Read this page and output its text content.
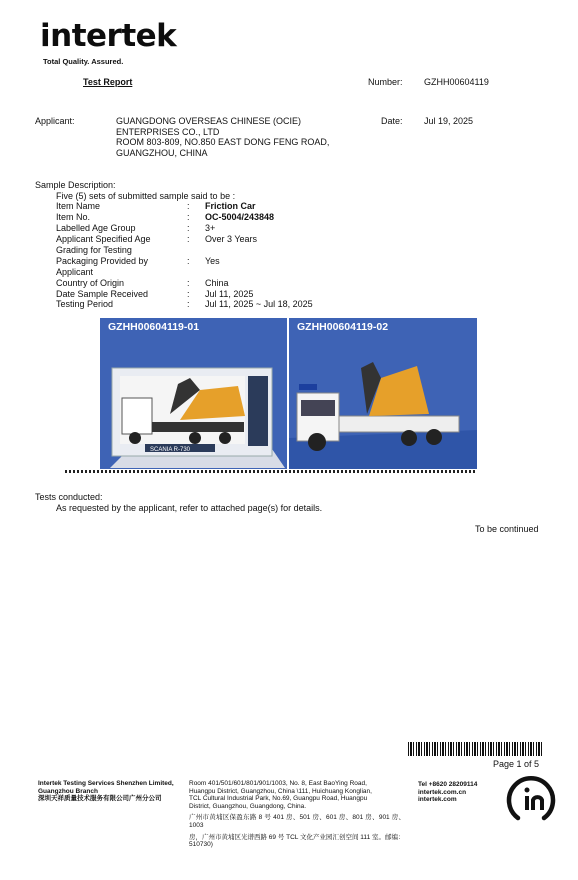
intertek
Total Quality. Assured.
Test Report	Number: GZHH00604119
Applicant:	GUANGDONG OVERSEAS CHINESE (OCIE)
ENTERPRISES CO., LTD
ROOM 803-809, NO.850 EAST DONG FENG ROAD,
GUANGZHOU, CHINA
Date: Jul 19, 2025
Sample Description:
Five (5) sets of submitted sample said to be :
Item Name	: Friction Car
Item No.	: OC-5004/243848
Labelled Age Group	: 3+
Applicant Specified Age	: Over 3 Years
Grading for Testing
Packaging Provided by	: Yes
Applicant
Country of Origin	: China
Date Sample Received	: Jul 11, 2025
Testing Period	: Jul 11, 2025 ~ Jul 18, 2025
GZHH00604119-01
SCANIA R-730
GZHH00604119-02
Tests conducted:
As requested by the applicant, refer to attached page(s) for details.
To be continued
Page 1 of 5
Intertek Testing Services Shenzhen Limited,
Guangzhou Branch
深圳天祥质量技术服务有限公司广州分公司
Room 401/501/601/801/901/1003, No. 8, East BaoYing Road,
Huangpu District, Guangzhou, China \111, Huichuang Konglian,
TCL Cultural Industrial Park, No.69, Guangpu Road, Huangpu
District, Guangzhou, Guangdong, China.
广州市黄埔区保盈东路 8 号 401 房、501 房、601 房、801 房、901 房、1003
房，广州市黄埔区光谱西路 69 号 TCL 文化产业园汇创空间 111 室。邮编：
510730)
Tel +8620 28209114
intertek.com.cn
intertek.com
